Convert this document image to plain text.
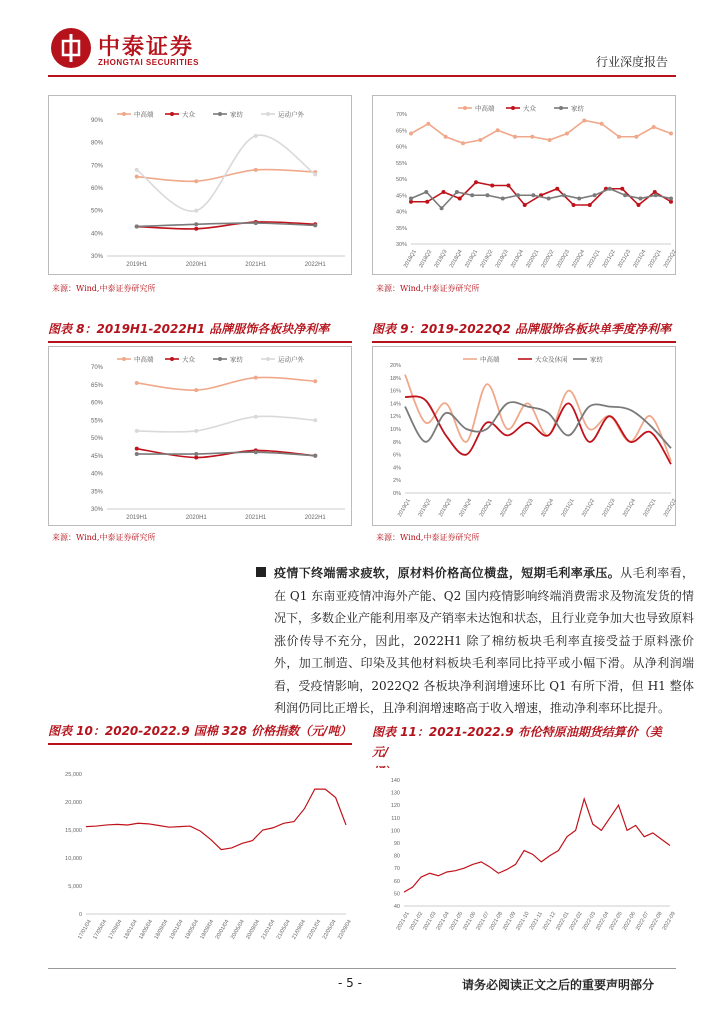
中泰证券
ZHONGTAI SECURITIES	行业深度报告
30%
40%
50%
60%
70%
80%
90%
2019H1	2020H1	2021H1	2022H1
中高端	大众	家纺	运动户外
来源：Wind,中泰证券研究所
30%
35%
40%
45%
50%
55%
60%
65%
70%
2018Q1 2018Q2 2018Q3 2018Q4 2019Q1 2019Q2 2019Q3 2019Q4 2020Q1 2020Q2 2020Q3 2020Q4 2021Q1 2021Q2 2021Q3 2021Q4 2022Q1 2022Q2
中高端	大众	家纺
来源：Wind,中泰证券研究所
图表 8：2019H1-2022H1 品牌服饰各板块净利率	图表 9：2019-2022Q2 品牌服饰各板块单季度净利率
30%
35%
40%
45%
50%
55%
60%
65%
70%
2019H1	2020H1	2021H1	2022H1
中高端	大众	家纺	运动户外
来源：Wind,中泰证券研究所
0%
2%
4%
6%
8%
10%
12%
14%
16%
18%
20%
2019Q1 2019Q2 2019Q3 2019Q4 2020Q1 2020Q2 2020Q3 2020Q4 2021Q1 2021Q2 2021Q3 2021Q4 2022Q1 2022Q2
中高端	大众及休闲	家纺
来源：Wind,中泰证券研究所
疫情下终端需求疲软，原材料价格高位横盘，短期毛利率承压。从毛利率看，在 Q1 东南亚疫情冲海外产能、Q2 国内疫情影响终端消费需求及物流发货的情况下，多数企业产能利用率及产销率未达饱和状态，且行业竞争加大也导致原料涨价传导不充分，因此，2022H1 除了棉纺板块毛利率直接受益于原料涨价外，加工制造、印染及其他材料板块毛利率同比持平或小幅下滑。从净利润端看，受疫情影响，2022Q2 各板块净利润增速环比 Q1 有所下滑，但 H1 整体利润仍同比正增长，且净利润增速略高于收入增速，推动净利率环比提升。
图表 10：2020-2022.9 国棉 328 价格指数（元/吨） 图表 11：2021-2022.9 布伦特原油期货结算价（美元/

0
5,000
10,000
15,000
20,000
25,000
17/01/04 17/05/04 17/09/04 18/01/04 18/05/04 18/09/04 19/01/04 19/05/04 19/09/04 20/01/04 20/05/04 20/09/04 21/01/04 21/05/04 21/09/04 22/01/04 22/05/04 22/09/04
40
50
60
70
80
90
100
110
120
130
140
2021-01
2021-02
2021-03
2021-04
2021-05
2021-06
2021-07
2021-08
2021-09
2021-10
2021-11
2021-12
2022-01
2022-02
2022-03
2022-04
2022-05
2022-06
2022-07
2022-08
2022-09
- 5 -	请务必阅读正文之后的重要声明部分
